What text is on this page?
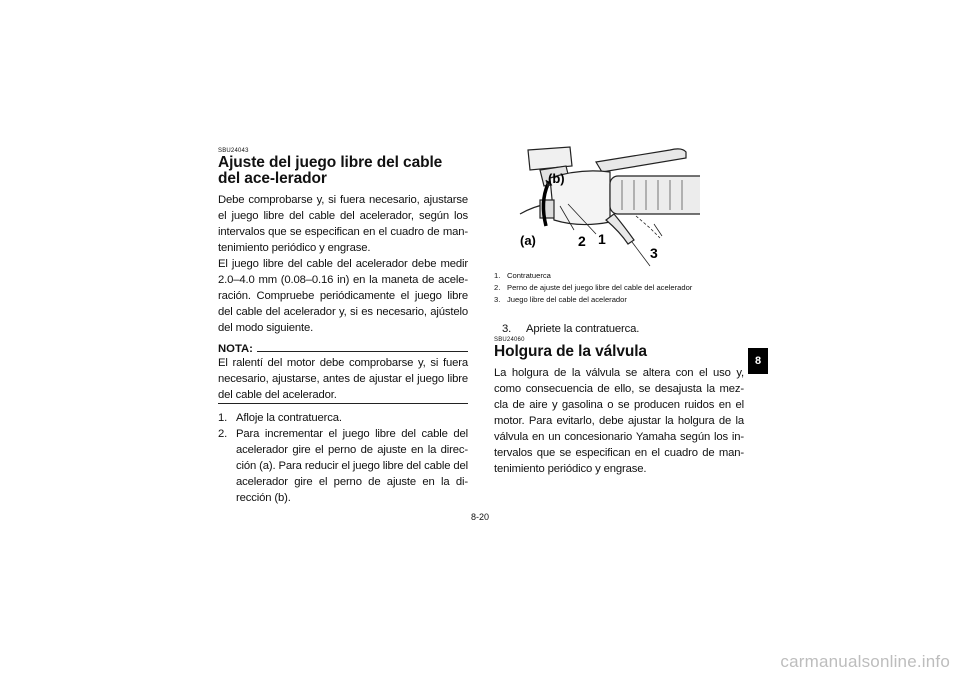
SBU24043
Ajuste del juego libre del cable del ace-lerador

Debe comprobarse y, si fuera necesario, ajustarse el juego libre del cable del acelerador, según los intervalos que se especifican en el cuadro de man-tenimiento periódico y engrase.

El juego libre del cable del acelerador debe medir 2.0–4.0 mm (0.08–0.16 in) en la maneta de acele-ración. Compruebe periódicamente el juego libre del cable del acelerador y, si es necesario, ajústelo del modo siguiente.

NOTA:

El ralentí del motor debe comprobarse y, si fuera necesario, ajustarse, antes de ajustar el juego libre del cable del acelerador.

1. Afloje la contratuerca.
2. Para incrementar el juego libre del cable del acelerador gire el perno de ajuste en la direc-ción (a). Para reducir el juego libre del cable del acelerador gire el perno de ajuste en la di-rección (b).
(b)
(a)	2 1
3
1. Contratuerca
2. Perno de ajuste del juego libre del cable del acelerador
3. Juego libre del cable del acelerador
3.	Apriete la contratuerca.
SBU24060
Holgura de la válvula

La holgura de la válvula se altera con el uso y, como consecuencia de ello, se desajusta la mez-cla de aire y gasolina o se producen ruidos en el motor. Para evitarlo, debe ajustar la holgura de la válvula en un concesionario Yamaha según los in-tervalos que se especifican en el cuadro de man-tenimiento periódico y engrase.

8
8-20
carmanualsonline.info
